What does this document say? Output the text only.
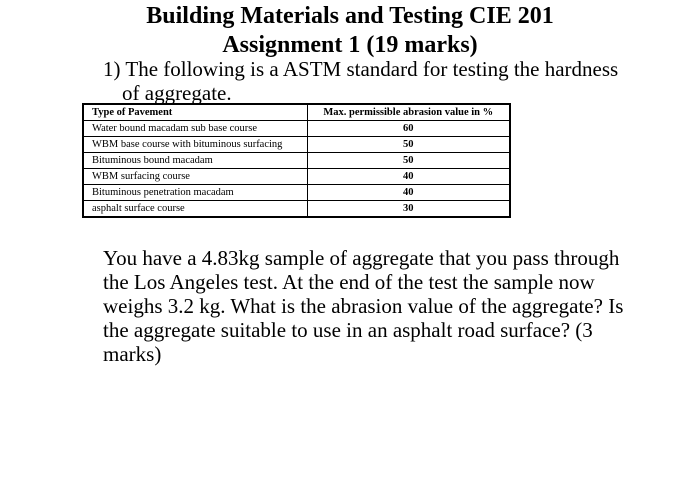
Building Materials and Testing CIE 201
Assignment 1 (19 marks)

1) The following is a ASTM standard for testing the hardness
of aggregate.

Type of Pavement	Max. permissible abrasion value in %
Water bound macadam sub base course	60
WBM base course with bituminous surfacing	50
Bituminous bound macadam	50
WBM surfacing course	40
Bituminous penetration macadam	40
asphalt surface course	30

You have a 4.83kg sample of aggregate that you pass through the Los Angeles test. At the end of the test the sample now weighs 3.2 kg. What is the abrasion value of the aggregate? Is the aggregate suitable to use in an asphalt road surface? (3 marks)
